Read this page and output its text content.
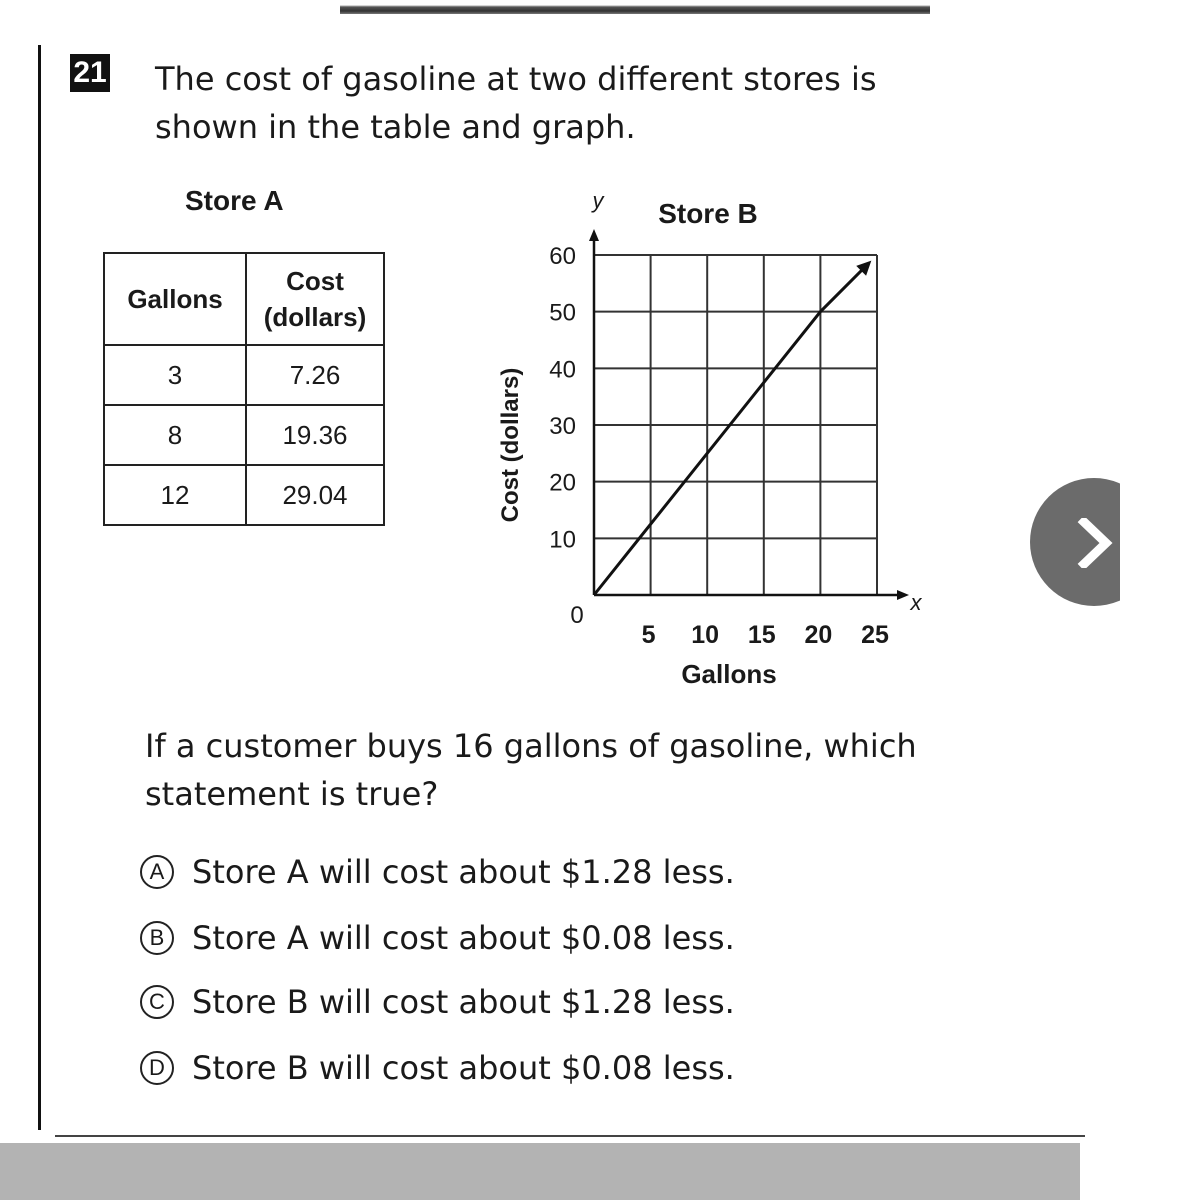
21 The cost of gasoline at two different stores is shown in the table and graph.
Store A
Gallons	Cost (dollars)
3	7.26
8	19.36
12	29.04
10
20
30
40
50
60
5 10 15 20 25
Store B
y
x
0
Gallons
Cost (dollars)
If a customer buys 16 gallons of gasoline, which statement is true?
A Store A will cost about $1.28 less.
B Store A will cost about $0.08 less.
C Store B will cost about $1.28 less.
D Store B will cost about $0.08 less.
